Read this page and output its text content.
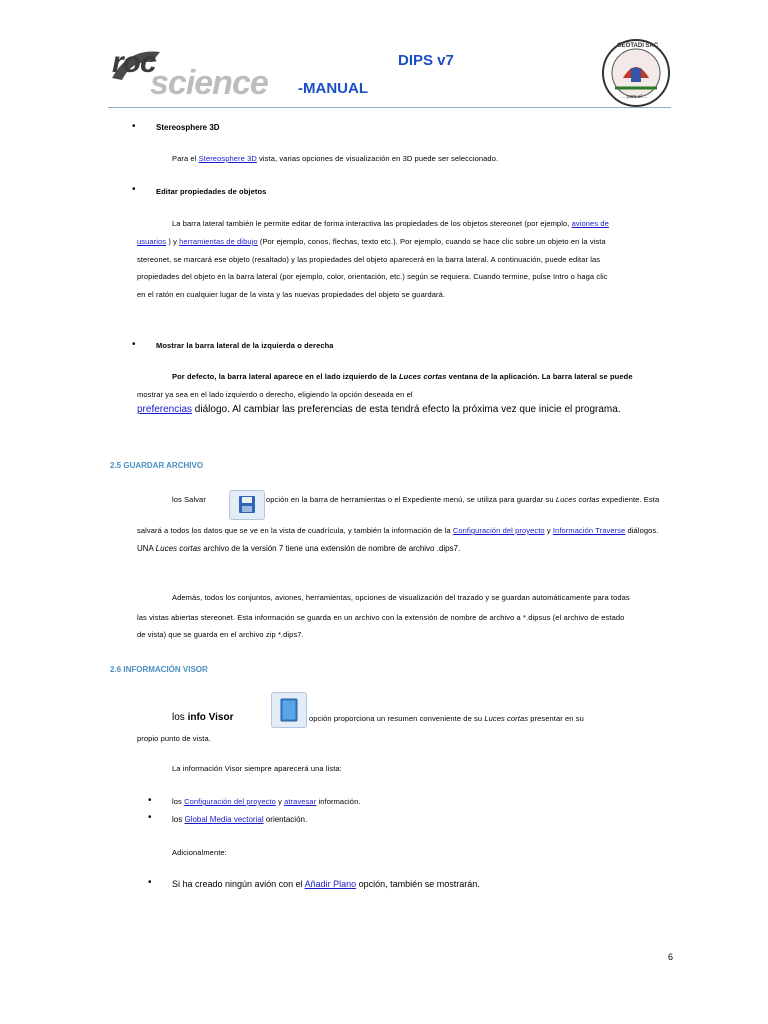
roc
science
DIPS v7
-MANUAL
GEOTADI SAC
... para el ...
•	Stereosphere 3D
Para el Stereosphere 3D vista, varias opciones de visualización en 3D puede ser seleccionado.
•	Editar propiedades de objetos
La barra lateral también le permite editar de forma interactiva las propiedades de los objetos stereonet (por ejemplo, aviones de
usuarios ) y herramientas de dibujo (Por ejemplo, conos, flechas, texto etc.). Por ejemplo, cuando se hace clic sobre un objeto en la vista
stereonet, se marcará ese objeto (resaltado) y las propiedades del objeto aparecerá en la barra lateral. A continuación, puede editar las
propiedades del objeto en la barra lateral (por ejemplo, color, orientación, etc.) según se requiera. Cuando termine, pulse Intro o haga clic
en el ratón en cualquier lugar de la vista y las nuevas propiedades del objeto se guardará.
•	Mostrar la barra lateral de la izquierda o derecha
Por defecto, la barra lateral aparece en el lado izquierdo de la Luces cortas ventana de la aplicación. La barra lateral se puede
mostrar ya sea en el lado izquierdo o derecho, eligiendo la opción deseada en el
preferencias diálogo. Al cambiar las preferencias de esta tendrá efecto la próxima vez que inicie el programa.
2.5 GUARDAR ARCHIVO
los Salvar	opción en la barra de herramientas o el Expediente menú, se utiliza para guardar su Luces cortas expediente. Esta
salvará a todos los datos que se ve en la vista de cuadrícula, y también la información de la Configuración del proyecto y Información Traverse diálogos.
UNA Luces cortas archivo de la versión 7 tiene una extensión de nombre de archivo .dips7.
Además, todos los conjuntos, aviones, herramientas, opciones de visualización del trazado y se guardan automáticamente para todas
las vistas abiertas stereonet. Esta información se guarda en un archivo con la extensión de nombre de archivo a *.dipsus (el archivo de estado
de vista) que se guarda en el archivo zip *.dips7.
2.6 INFORMACIÓN VISOR
los info Visor	opción proporciona un resumen conveniente de su Luces cortas presentar en su
propio punto de vista.
La información Visor siempre aparecerá una lista:
•	los Configuración del proyecto y atravesar información.
•	los Global Media vectorial orientación.
Adicionalmente:
• Si ha creado ningún avión con el Añadir Plano opción, también se mostrarán.
6
